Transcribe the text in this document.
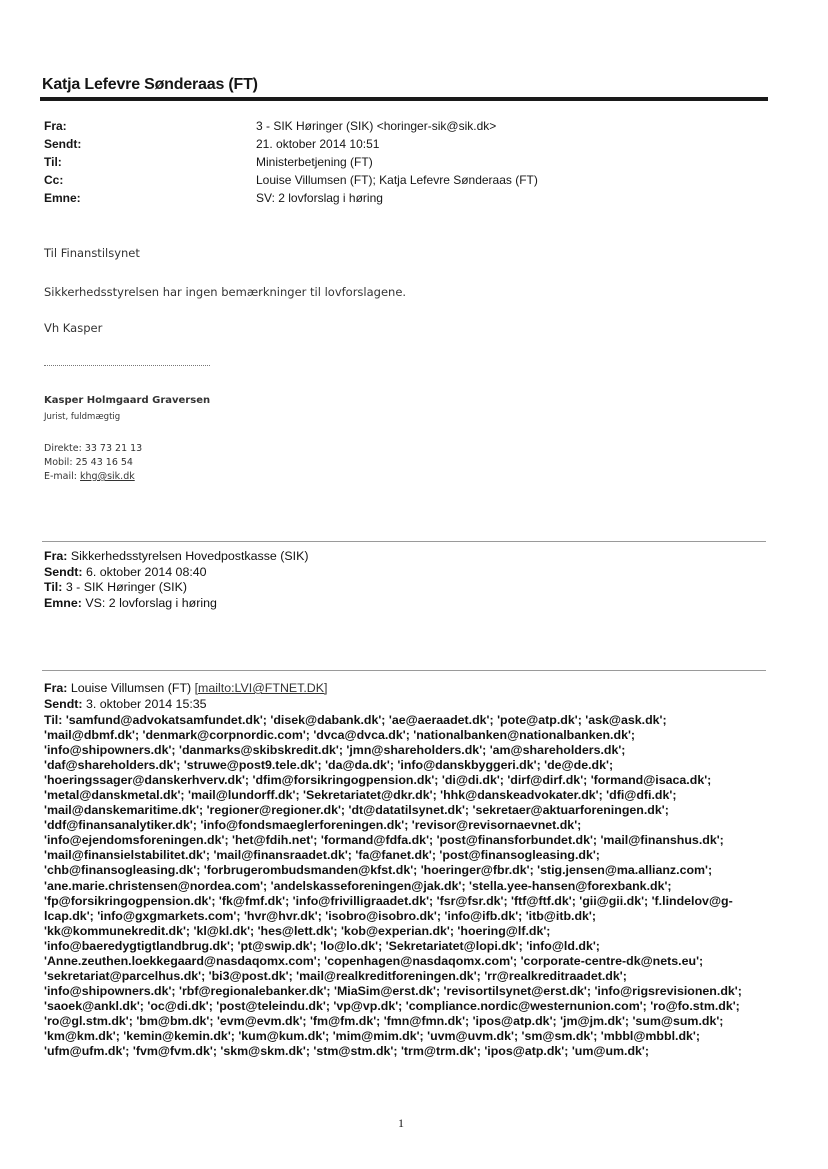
Katja Lefevre Sønderaas (FT)
Fra:	3 - SIK Høringer (SIK) <horinger-sik@sik.dk>
Sendt:	21. oktober 2014 10:51
Til:	Ministerbetjening (FT)
Cc:	Louise Villumsen (FT); Katja Lefevre Sønderaas (FT)
Emne:	SV: 2 lovforslag i høring
Til Finanstilsynet
Sikkerhedsstyrelsen har ingen bemærkninger til lovforslagene.
Vh Kasper
Kasper Holmgaard Graversen
Jurist, fuldmægtig
Direkte: 33 73 21 13
Mobil: 25 43 16 54
E-mail: khg@sik.dk
Fra: Sikkerhedsstyrelsen Hovedpostkasse (SIK)
Sendt: 6. oktober 2014 08:40
Til: 3 - SIK Høringer (SIK)
Emne: VS: 2 lovforslag i høring
Fra: Louise Villumsen (FT) [mailto:LVI@FTNET.DK]
Sendt: 3. oktober 2014 15:35
Til: 'samfund@advokatsamfundet.dk'; 'disek@dabank.dk'; 'ae@aeraadet.dk'; 'pote@atp.dk'; 'ask@ask.dk';
'mail@dbmf.dk'; 'denmark@corpnordic.com'; 'dvca@dvca.dk'; 'nationalbanken@nationalbanken.dk';
'info@shipowners.dk'; 'danmarks@skibskredit.dk'; 'jmn@shareholders.dk'; 'am@shareholders.dk';
'daf@shareholders.dk'; 'struwe@post9.tele.dk'; 'da@da.dk'; 'info@danskbyggeri.dk'; 'de@de.dk';
'hoeringssager@danskerhverv.dk'; 'dfim@forsikringogpension.dk'; 'di@di.dk'; 'dirf@dirf.dk'; 'formand@isaca.dk';
'metal@danskmetal.dk'; 'mail@lundorff.dk'; 'Sekretariatet@dkr.dk'; 'hhk@danskeadvokater.dk'; 'dfi@dfi.dk';
'mail@danskemaritime.dk'; 'regioner@regioner.dk'; 'dt@datatilsynet.dk'; 'sekretaer@aktuarforeningen.dk';
'ddf@finansanalytiker.dk'; 'info@fondsmaeglerforeningen.dk'; 'revisor@revisornaevnet.dk';
'info@ejendomsforeningen.dk'; 'het@fdih.net'; 'formand@fdfa.dk'; 'post@finansforbundet.dk'; 'mail@finanshus.dk';
'mail@finansielstabilitet.dk'; 'mail@finansraadet.dk'; 'fa@fanet.dk'; 'post@finansogleasing.dk';
'chb@finansogleasing.dk'; 'forbrugerombudsmanden@kfst.dk'; 'hoeringer@fbr.dk'; 'stig.jensen@ma.allianz.com';
'ane.marie.christensen@nordea.com'; 'andelskasseforeningen@jak.dk'; 'stella.yee-hansen@forexbank.dk';
'fp@forsikringogpension.dk'; 'fk@fmf.dk'; 'info@frivilligraadet.dk'; 'fsr@fsr.dk'; 'ftf@ftf.dk'; 'gii@gii.dk'; 'f.lindelov@g-
lcap.dk'; 'info@gxgmarkets.com'; 'hvr@hvr.dk'; 'isobro@isobro.dk'; 'info@ifb.dk'; 'itb@itb.dk';
'kk@kommunekredit.dk'; 'kl@kl.dk'; 'hes@lett.dk'; 'kob@experian.dk'; 'hoering@lf.dk';
'info@baeredygtigtlandbrug.dk'; 'pt@swip.dk'; 'lo@lo.dk'; 'Sekretariatet@lopi.dk'; 'info@ld.dk';
'Anne.zeuthen.loekkegaard@nasdaqomx.com'; 'copenhagen@nasdaqomx.com'; 'corporate-centre-dk@nets.eu';
'sekretariat@parcelhus.dk'; 'bi3@post.dk'; 'mail@realkreditforeningen.dk'; 'rr@realkreditraadet.dk';
'info@shipowners.dk'; 'rbf@regionalebanker.dk'; 'MiaSim@erst.dk'; 'revisortilsynet@erst.dk'; 'info@rigsrevisionen.dk';
'saoek@ankl.dk'; 'oc@di.dk'; 'post@teleindu.dk'; 'vp@vp.dk'; 'compliance.nordic@westernunion.com'; 'ro@fo.stm.dk';
'ro@gl.stm.dk'; 'bm@bm.dk'; 'evm@evm.dk'; 'fm@fm.dk'; 'fmn@fmn.dk'; 'ipos@atp.dk'; 'jm@jm.dk'; 'sum@sum.dk';
'km@km.dk'; 'kemin@kemin.dk'; 'kum@kum.dk'; 'mim@mim.dk'; 'uvm@uvm.dk'; 'sm@sm.dk'; 'mbbl@mbbl.dk';
'ufm@ufm.dk'; 'fvm@fvm.dk'; 'skm@skm.dk'; 'stm@stm.dk'; 'trm@trm.dk'; 'ipos@atp.dk'; 'um@um.dk';
1
